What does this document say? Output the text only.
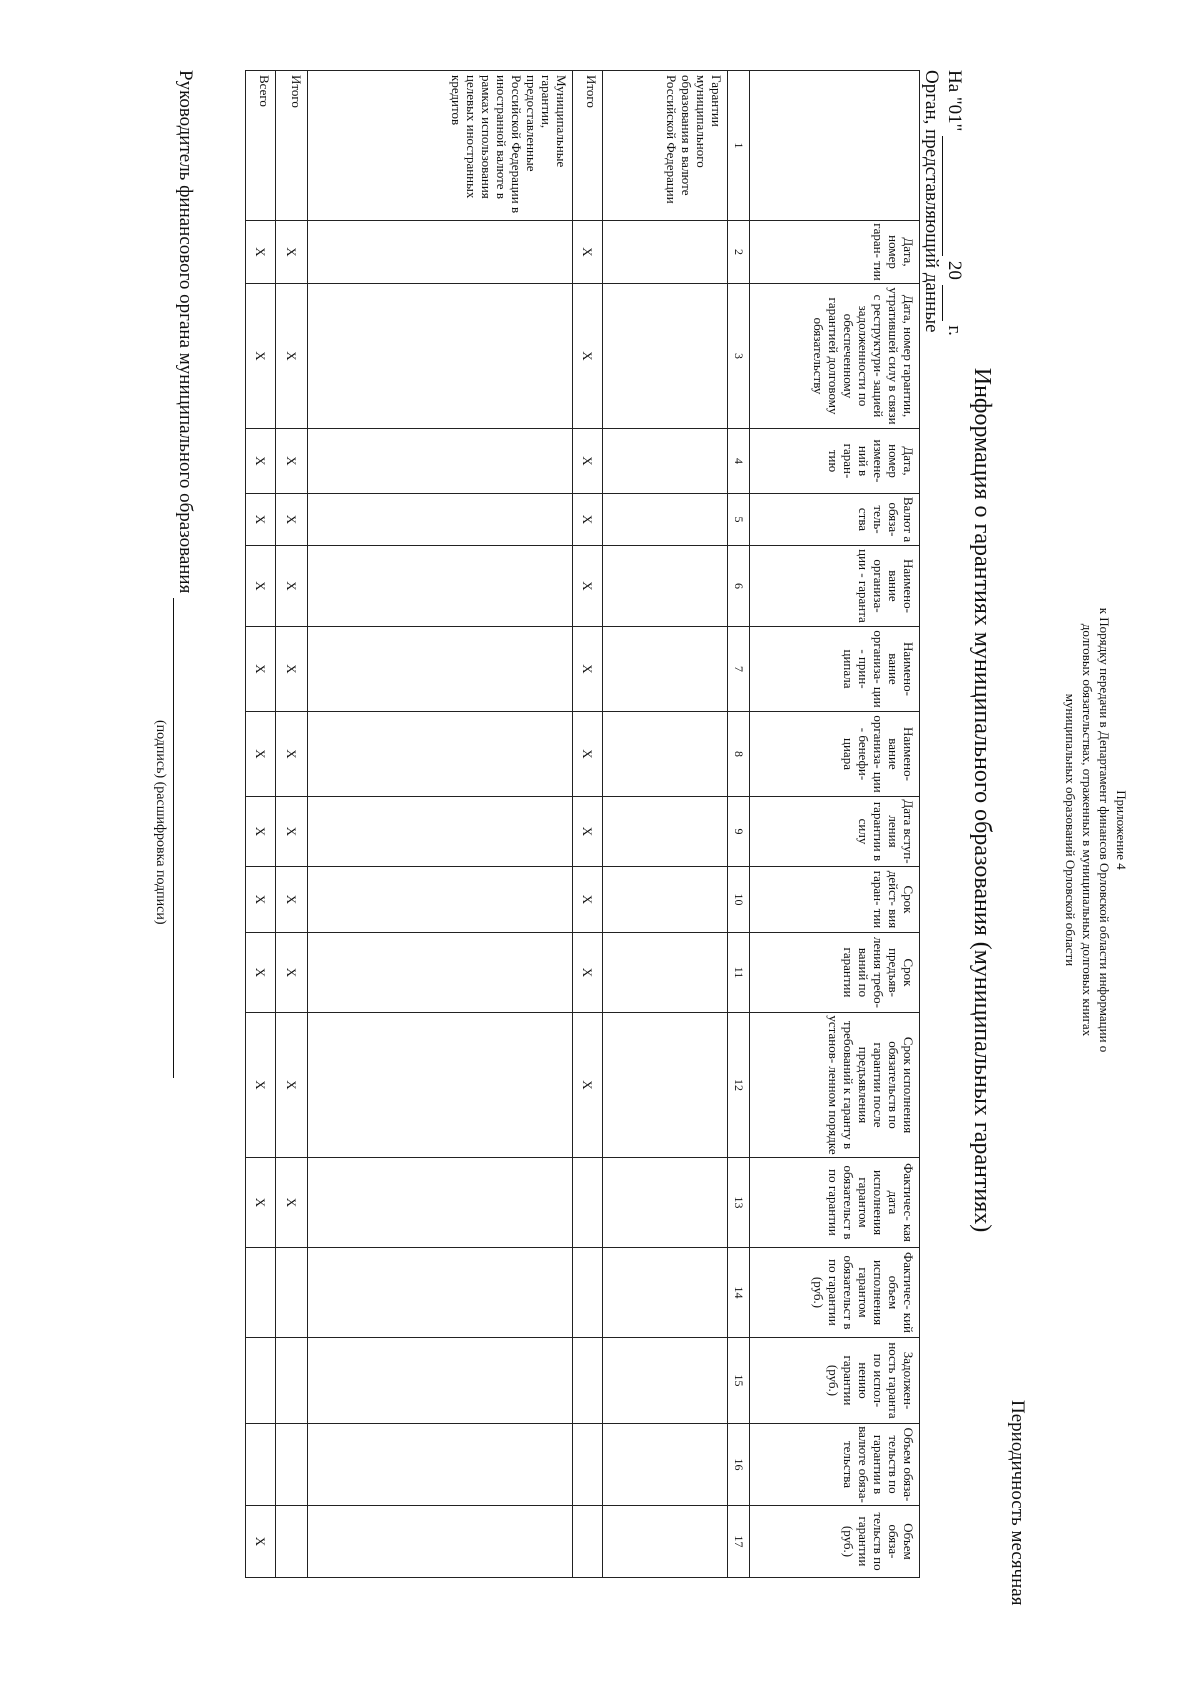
Приложение 4
к Порядку передачи в Департамент финансов Орловской области информации о
долговых обязательствах, отраженных в муниципальных долговых книгах
муниципальных образований Орловской области
Периодичность месячная
На "01"   20   г.
Орган, представляющий данные
Информация о гарантиях муниципального образования (муниципальных гарантиях)
	Дата, номер гаран- тии	Дата, номер гарантии, утратившей силу в связи с реструктури- зацией задолженности по обеспеченному гарантией долговому обязательству	Дата, номер измене- ний в гаран- тию	Валют а обяза- тель- ства	Наимено- вание организа- ции - гаранта	Наимено- вание организа- ции - прин- ципала	Наимено- вание организа- ции - бенефи- циара	Дата вступ- ления гарантии в силу	Срок дейст- вия гаран- тии	Срок предъяв- ления требо- ваний по гарантии	Срок исполнения обязательств по гарантии после предъявления требований к гаранту в установ- ленном порядке	Фактичес- кая дата исполнения гарантом обязательст в по гарантии	Фактичес- кий объем исполнения гарантом обязательст в по гарантии (руб.)	Задолжен- ность гаранта по испол- нению гарантии (руб.)	Объем обяза- тельств по гарантии в валюте обяза- тельства	Объем обяза- тельств по гарантии (руб.)
1	2	3	4	5	6	7	8	9	10	11	12	13	14	15	16	17
Гарантии муниципального образования в валюте Российской Федерации																
Итого	X	X	X	X	X	X	X	X	X	X	X					
Муниципальные гарантии, предоставленные Российской Федерации в иностранной валюте в рамках использования целевых иностранных кредитов																
Итого	X	X	X	X	X	X	X	X	X	X	X	X				
Всего	X	X	X	X	X	X	X	X	X	X	X	X				X
Руководитель финансового органа муниципального образования
(подпись) (расшифровка подписи)
